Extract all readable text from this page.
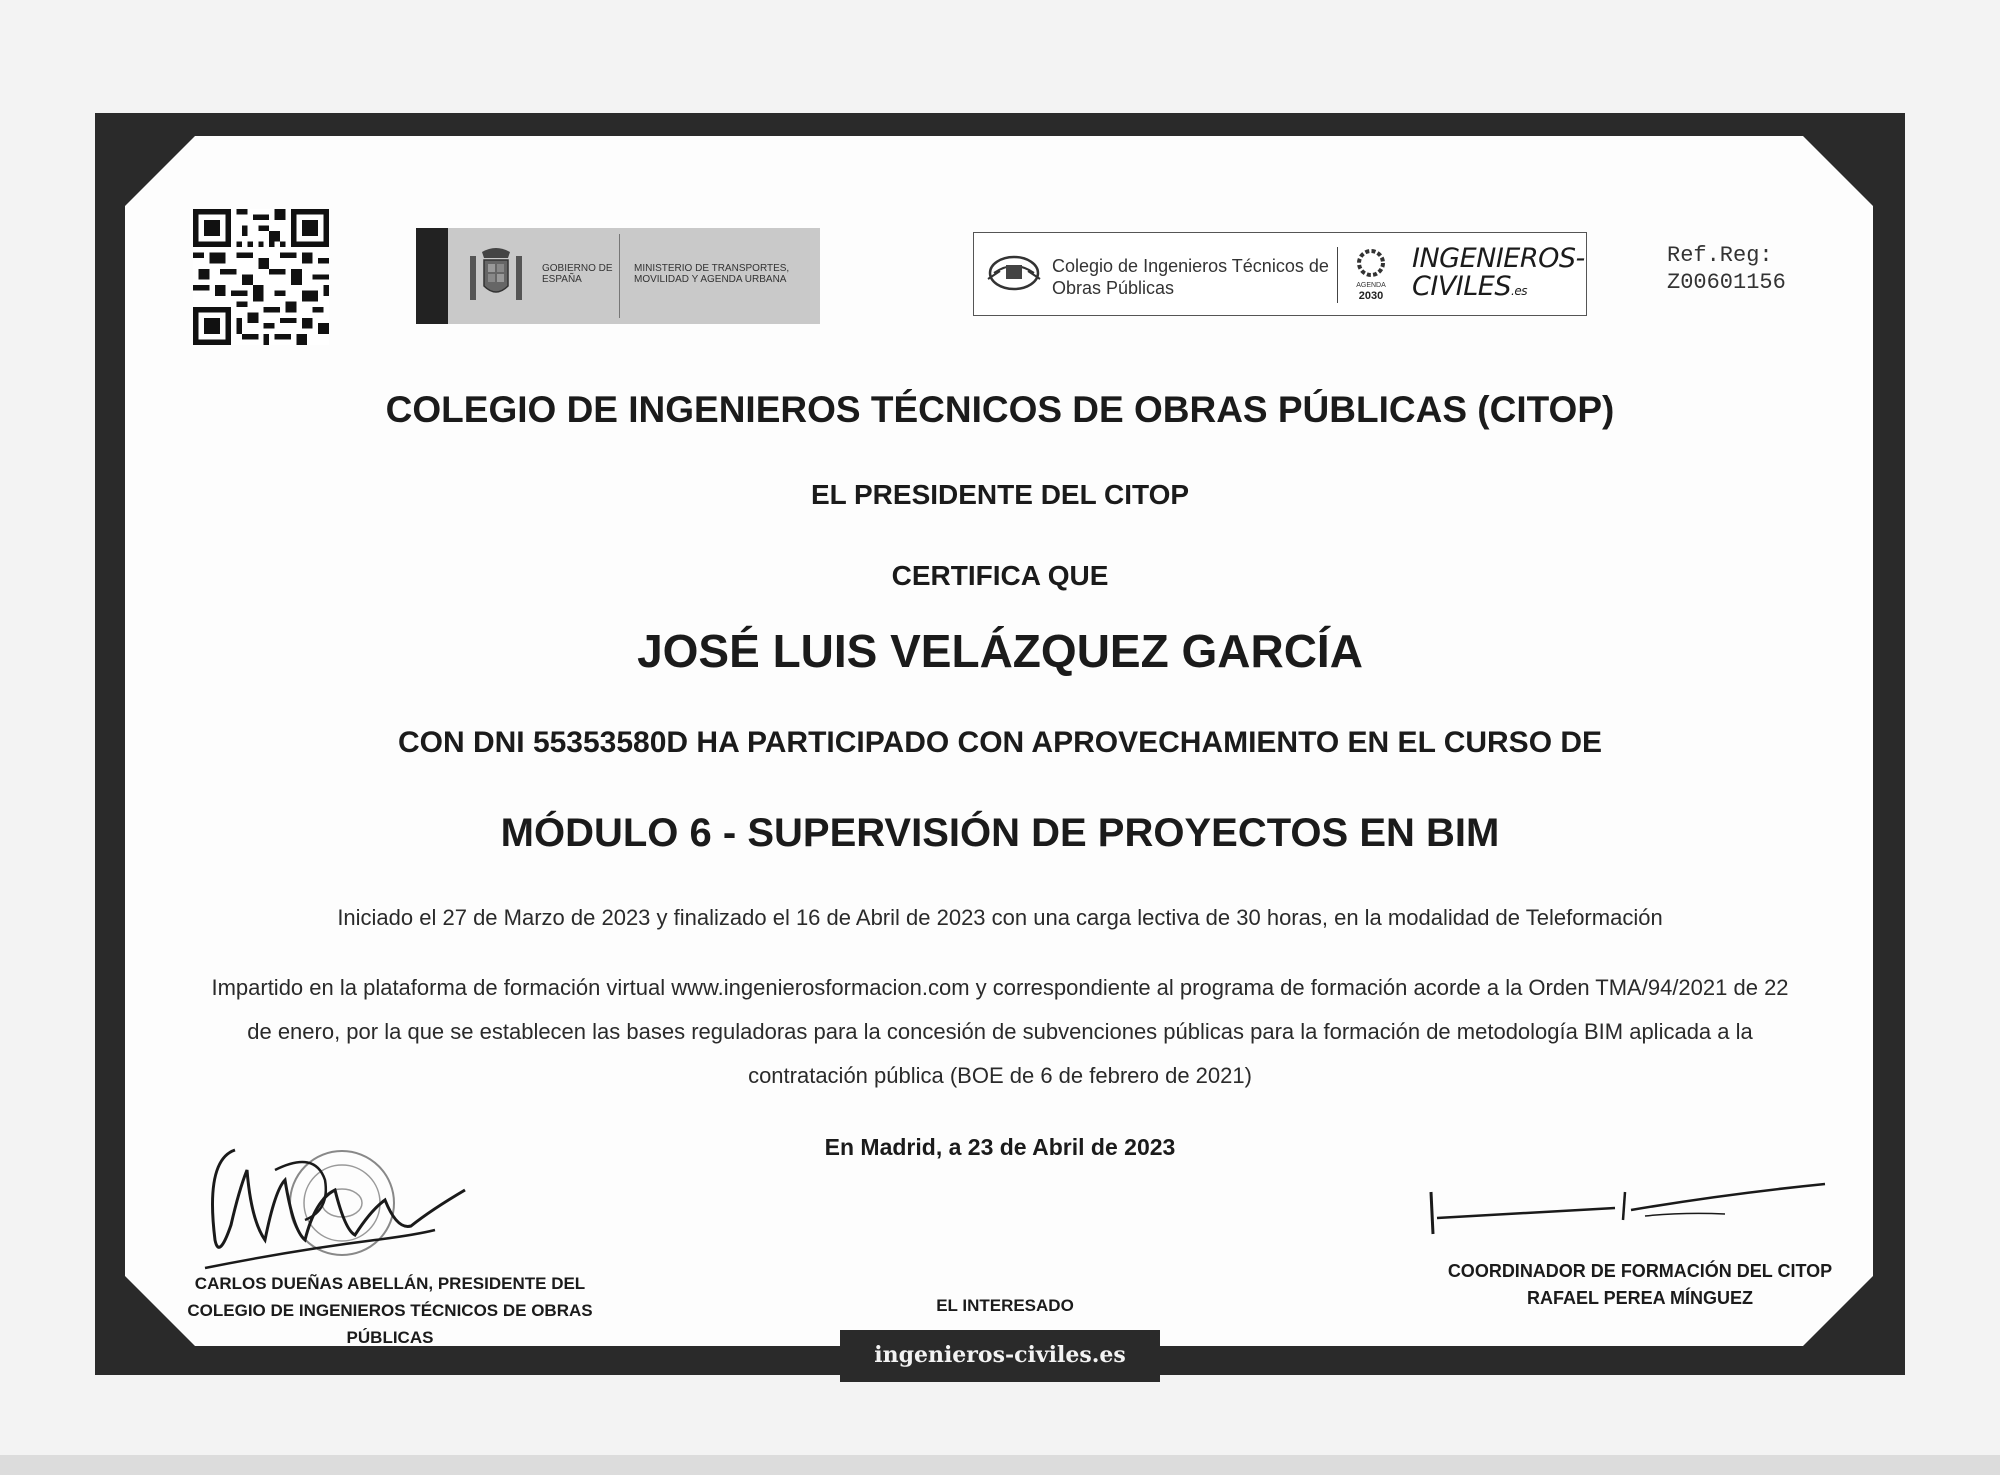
GOBIERNO DE ESPAÑA
MINISTERIO DE TRANSPORTES, MOVILIDAD Y AGENDA URBANA
Colegio de Ingenieros Técnicos de Obras Públicas	AGENDA
2030
INGENIEROS-
CIVILES.es
Ref.Reg:
Z00601156
COLEGIO DE INGENIEROS TÉCNICOS DE OBRAS PÚBLICAS (CITOP)
EL PRESIDENTE DEL CITOP
CERTIFICA QUE
JOSÉ LUIS VELÁZQUEZ GARCÍA
CON DNI 55353580D HA PARTICIPADO CON APROVECHAMIENTO EN EL CURSO DE
MÓDULO 6 - SUPERVISIÓN DE PROYECTOS EN BIM
Iniciado el 27 de Marzo de 2023 y finalizado el 16 de Abril de 2023 con una carga lectiva de 30 horas, en la modalidad de Teleformación
Impartido en la plataforma de formación virtual www.ingenierosformacion.com y correspondiente al programa de formación acorde a la Orden TMA/94/2021 de 22 de enero, por la que se establecen las bases reguladoras para la concesión de subvenciones públicas para la formación de metodología BIM aplicada a la contratación pública (BOE de 6 de febrero de 2021)
En Madrid, a 23 de Abril de 2023
CARLOS DUEÑAS ABELLÁN, PRESIDENTE DEL COLEGIO DE INGENIEROS TÉCNICOS DE OBRAS PÚBLICAS
EL INTERESADO
COORDINADOR DE FORMACIÓN DEL CITOP
RAFAEL PEREA MÍNGUEZ
ingenieros-civiles.es
